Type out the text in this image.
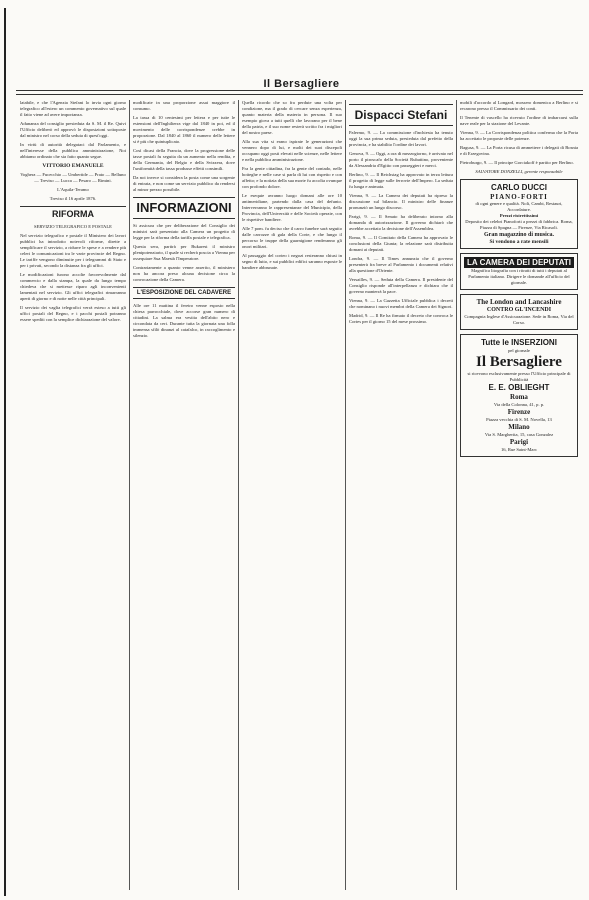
Il Bersagliere

latabile, e che l'Agenzia Stefani lo invia ogni giorno telegrafico all'estero un commento governativo sul quale il fatto viene ad avere importanza.

Adunanza del consiglio presieduta da S. M. il Re. Quivi l'Ufficio deliberò ed approvò le disposizioni sottoposte dal ministro nel corso della seduta di quest'oggi.

In virtù di autorità delegataci dal Parlamento, e nell'interesse della pubblica amministrazione, Noi abbiamo ordinato che sia fatto quanto segue.

VITTORIO EMANUELE

Voghera — Fucecchio — Umbertide — Prato — Belluno — Treviso — Lucca — Pesaro — Rimini.

L'Aquila-Teramo

Treviso il 16 aprile 1876.

RIFORMA
SERVIZIO TELEGRAFICO E POSTALE

Nel servizio telegrafico e postale il Ministero dei lavori pubblici ha introdotto notevoli riforme, dirette a semplificare il servizio, a ridurre le spese e a rendere più celeri le comunicazioni tra le varie provincie del Regno. Le tariffe vengono diminuite per i telegrammi di Stato e per i privati, secondo la distanza fra gli uffici.

Le modificazioni furono accolte favorevolmente dal commercio e dalla stampa, la quale da lungo tempo chiedeva che si mettesse riparo agli inconvenienti lamentati nel servizio. Gli uffici telegrafici rimarranno aperti di giorno e di notte nelle città principali.

Il servizio dei vaglia telegrafici verrà esteso a tutti gli uffici postali del Regno, e i pacchi postali potranno essere spediti con la semplice dichiarazione del valore.

modificate in una proporzione assai maggiore il consumo.

La tassa di 10 centesimi per lettera e per tutte le estensioni dell'Inghilterra vige dal 1840 in poi, ed il movimento delle corrispondenze crebbe in proporzione. Dal 1840 al 1860 il numero delle lettere si è più che quintuplicato.

Così dicasi della Francia, dove la progressione delle tasse postali fu seguita da un aumento nella rendita, e della Germania, del Belgio e della Svizzera, dove l'uniformità della tassa produsse effetti consimili.

Da noi invece si considera la posta come una sorgente di entrata, e non come un servizio pubblico da rendersi al minor prezzo possibile.

INFORMAZIONI

Si assicura che per deliberazione del Consiglio dei ministri sarà presentato alla Camera un progetto di legge per la riforma della tariffa postale e telegrafica.

Questa sera, partirà per Bukarest il ministro plenipotenziario, il quale si recherà poscia a Vienna per ossequiare Sua Maestà l'Imperatore.

Contrariamente a quanto venne asserito, il ministero non ha ancora preso alcuna decisione circa la convocazione della Camera.

L'ESPOSIZIONE DEL CADAVERE

Alle ore 11 mattina il feretro venne esposto nella chiesa parrocchiale, dove accorse gran numero di cittadini. La salma era vestita dell'abito nero e circondata da ceri. Durante tutta la giornata una folla immensa sfilò dinanzi al catafalco, in raccoglimento e silenzio.

Quella ricordo che so fra perdute una volta per condizione, ma il grado di cercare senza esperienza, quanto materia della materia in persona. Il suo esempio giova a tutti quelli che lavorano per il bene della patria, e il suo nome resterà scritto fra i migliori del nostro paese.

Alla sua vita si erano ispirate le generazioni che vennero dopo di lui, e molti dei suoi discepoli occupano oggi posti elevati nelle scienze, nelle lettere e nella pubblica amministrazione.

Fra la gente cittadina, fra la gente del contado, nelle botteghe e nelle case si parla di lui con rispetto e con affetto; e la notizia della sua morte fu accolta ovunque con profondo dolore.

Le esequie avranno luogo domani alle ore 10 antimeridiane, partendo dalla casa del defunto. Interverranno le rappresentanze del Municipio, della Provincia, dell'Università e delle Società operaie, con le rispettive bandiere.

Alle 7 pom. fu deciso che il carro funebre sarà seguito dalle carrozze di gala della Corte, e che lungo il percorso le truppe della guarnigione renderanno gli onori militari.

Al passaggio del corteo i negozi resteranno chiusi in segno di lutto, e sui pubblici edifici saranno esposte le bandiere abbrunate.

Dispacci Stefani

Palermo, 9. — La commissione d'inchiesta ha tenuto oggi la sua prima seduta, presieduta dal prefetto della provincia, e ha stabilito l'ordine dei lavori.

Genova, 9. — Oggi, a ora di mezzogiorno, è arrivato nel porto il piroscafo della Società Rubattino, proveniente da Alessandria d'Egitto con passeggieri e merci.

Berlino, 9. — Il Reichstag ha approvato in terza lettura il progetto di legge sulle ferrovie dell'Impero. La seduta fu lunga e animata.

Vienna, 9. — La Camera dei deputati ha ripreso la discussione sul bilancio. Il ministro delle finanze pronunziò un lungo discorso.

Parigi, 9. — Il Senato ha deliberato intorno alla domanda di autorizzazione. Il governo dichiarò che avrebbe accettato la decisione dell'Assemblea.

Roma, 9. — Il Comitato della Camera ha approvato le conclusioni della Giunta; la relazione sarà distribuita domani ai deputati.

Londra, 9. — Il Times annunzia che il governo presenterà fra breve al Parlamento i documenti relativi alla questione d'Oriente.

Versailles, 9. — Seduta della Camera. Il presidente del Consiglio risponde all'interpellanza e dichiara che il governo manterrà la pace.

Vienna, 9. — La Gazzetta Ufficiale pubblica i decreti che nominano i nuovi membri della Camera dei Signori.

Madrid, 9. — Il Re ha firmato il decreto che convoca le Cortes per il giorno 15 del mese prossimo.

mobili d'accordo al Longard, mossero domenica a Berlino e si recarono presso il Commissario dei conti.

Il Tenente di vascello ha ricevuto l'ordine di imbarcarsi sulla nave reale per la stazione del Levante.

Vienna, 9. — La Corrispondenza politica conferma che la Porta ha accettato le proposte delle potenze.

Bagusa, 9. — La Porta ricusa di ammettere i delegati di Bosnia e di Erzegovina.

Pietroburgo, 9. — Il principe Gorciakoff è partito per Berlino.

SALVATORE DONZELLI, gerente responsabile

CARLO DUCCI
PIANO-FORTI
di ogni genere e qualità. Noli, Cambi, Restauri, Accordature.
Prezzi ristrettissimi
Deposito dei celebri Pianoforti a prezzi di fabbrica. Roma, Piazza di Spagna — Firenze, Via Ricasoli.
Gran magazzino di musica.
Si vendono a rate mensili
LA CAMERA DEI DEPUTATI
Magnifica litografia con i ritratti di tutti i deputati al Parlamento italiano. Dirigere le domande all'ufficio del giornale.
The London and Lancashire
CONTRO GL'INCENDI
Compagnia Inglese d'Assicurazione. Sede in Roma, Via del Corso.
Tutte le INSERZIONI
pel giornale
Il Bersagliere
si ricevono esclusivamente presso l'Ufficio principale di Pubblicità
E. E. OBLIEGHT
Roma
Via della Colonna, 41, p. p.
Firenze
Piazza vecchia di S. M. Novella, 13
Milano
Via S. Margherita, 15, casa Gonzalez
Parigi
16, Rue Saint-Marc
